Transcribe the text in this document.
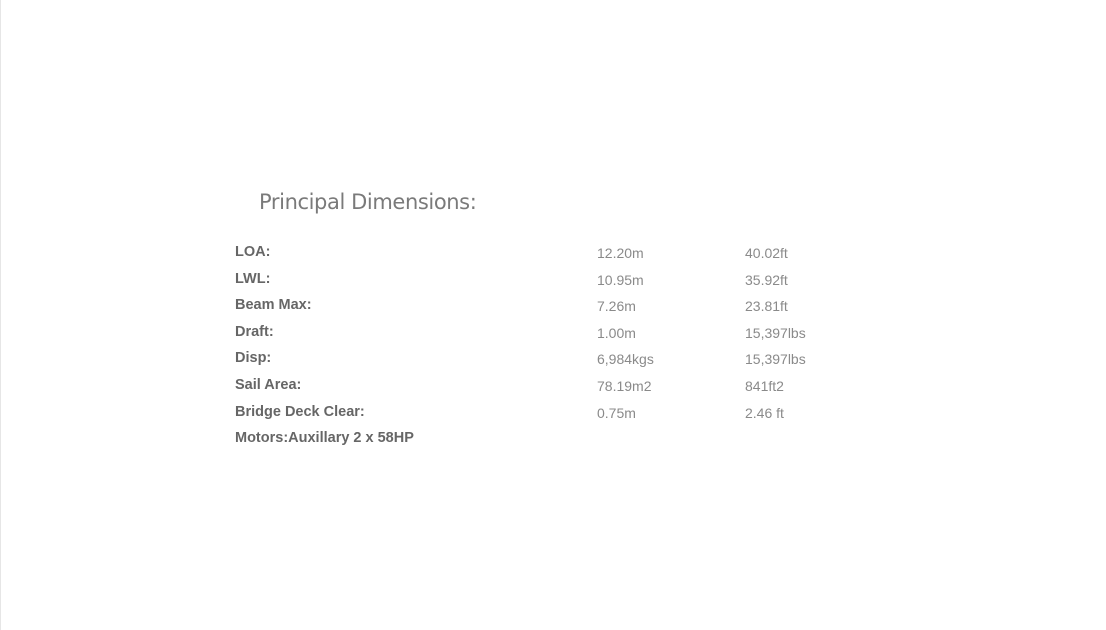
Principal Dimensions:
LOA:	12.20m	40.02ft
LWL:	10.95m	35.92ft
Beam Max:	7.26m	23.81ft
Draft:	1.00m	15,397lbs
Disp:	6,984kgs	15,397lbs
Sail Area:	78.19m2	841ft2
Bridge Deck Clear:	0.75m	2.46 ft
Motors:Auxillary 2 x 58HP
